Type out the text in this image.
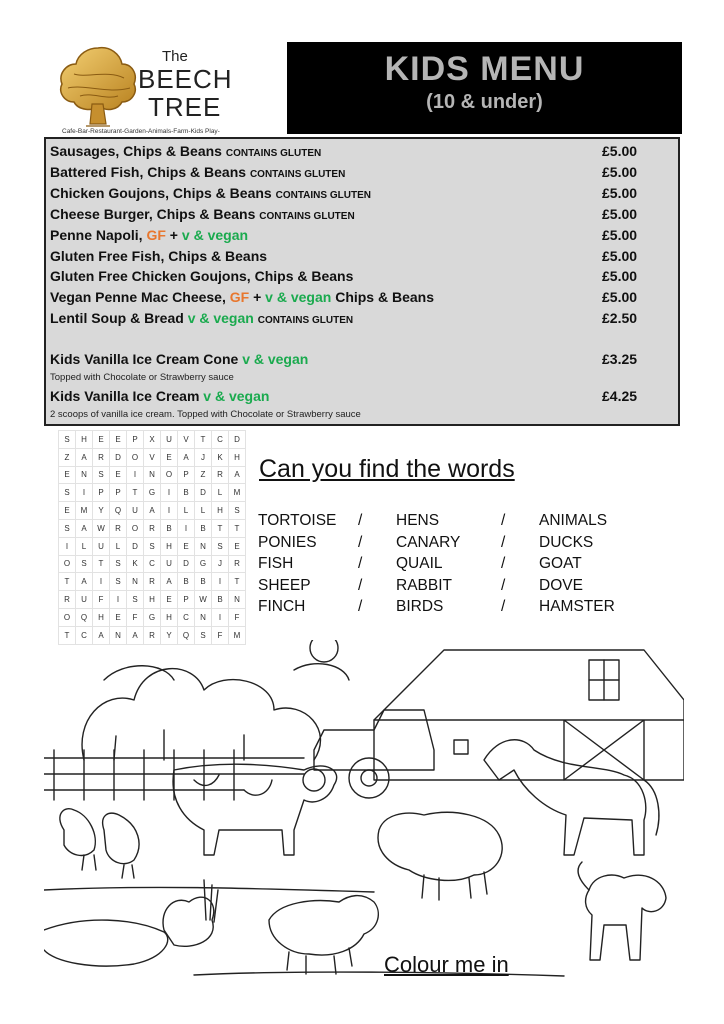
The
BEECH
TREE
Cafe-Bar-Restaurant-Garden-Animals-Farm-Kids Play-
KIDS MENU
(10 & under)
Sausages, Chips & Beans CONTAINS GLUTEN	£5.00
Battered Fish, Chips & Beans CONTAINS GLUTEN	£5.00
Chicken Goujons, Chips & Beans CONTAINS GLUTEN	£5.00
Cheese Burger, Chips & Beans CONTAINS GLUTEN	£5.00
Penne Napoli, GF + v & vegan	£5.00
Gluten Free Fish, Chips & Beans	£5.00
Gluten Free Chicken Goujons, Chips & Beans	£5.00
Vegan Penne Mac Cheese, GF + v & vegan Chips & Beans	£5.00
Lentil Soup & Bread v & vegan CONTAINS GLUTEN	£2.50
Kids Vanilla Ice Cream Cone v & vegan	£3.25
Topped with Chocolate or Strawberry sauce
Kids Vanilla Ice Cream v & vegan	£4.25
2 scoops of vanilla ice cream. Topped with Chocolate or Strawberry sauce
S	H	E	E	P	X	U	V	T	C	D
Z	A	R	D	O	V	E	A	J	K	H
E	N	S	E	I	N	O	P	Z	R	A
S	I	P	P	T	G	I	B	D	L	M
E	M	Y	Q	U	A	I	L	L	H	S
S	A	W	R	O	R	B	I	B	T	T
I	L	U	L	D	S	H	E	N	S	E
O	S	T	S	K	C	U	D	G	J	R
T	A	I	S	N	R	A	B	B	I	T
R	U	F	I	S	H	E	P	W	B	N
O	Q	H	E	F	G	H	C	N	I	F
T	C	A	N	A	R	Y	Q	S	F	M
Can you find the words
TORTOISE	/	HENS	/	ANIMALS
PONIES	/	CANARY	/	DUCKS
FISH	/	QUAIL	/	GOAT
SHEEP	/	RABBIT	/	DOVE
FINCH	/	BIRDS	/	HAMSTER
Colour me in
